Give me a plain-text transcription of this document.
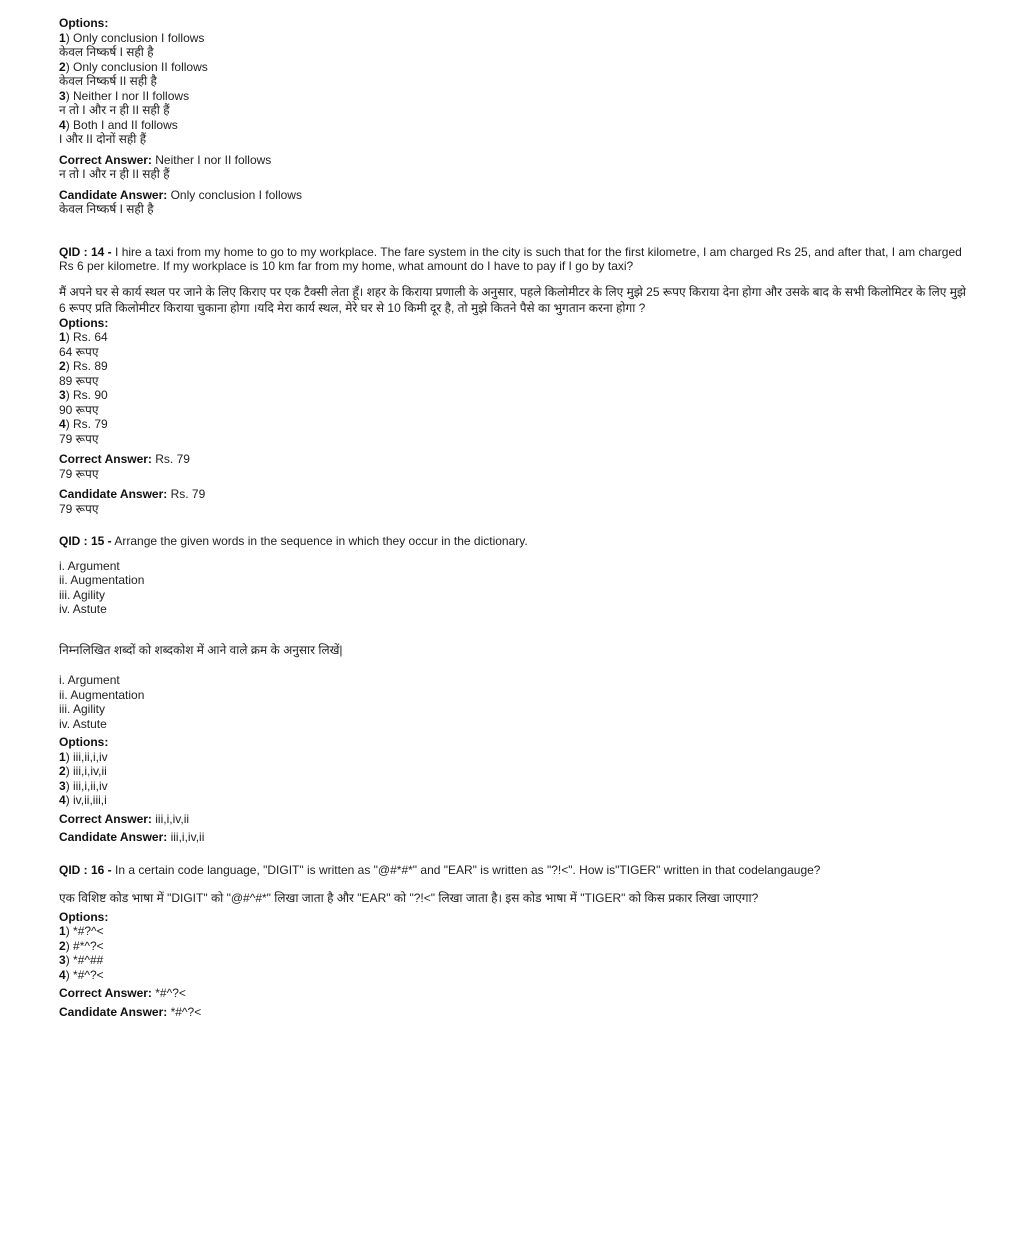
Options:
1) Only conclusion I follows
केवल निष्कर्ष I सही है
2) Only conclusion II follows
केवल निष्कर्ष II सही है
3) Neither I nor II follows
न तो I और न ही II सही हैं
4) Both I and II follows
I और II दोनों सही हैं
Correct Answer: Neither I nor II follows
न तो I और न ही II सही हैं
Candidate Answer: Only conclusion I follows
केवल निष्कर्ष I सही है
QID : 14 - I hire a taxi from my home to go to my workplace. The fare system in the city is such that for the first kilometre, I am charged Rs 25, and after that, I am charged Rs 6 per kilometre. If my workplace is 10 km far from my home, what amount do I have to pay if I go by taxi?
मैं अपने घर से कार्य स्थल पर जाने के लिए किराए पर एक टैक्सी लेता हूँ। शहर के किराया प्रणाली के अनुसार, पहले किलोमीटर के लिए मुझे 25 रूपए किराया देना होगा और उसके बाद के सभी किलोमिटर के लिए मुझे 6 रूपए प्रति किलोमीटर किराया चुकाना होगा ।यदि मेरा कार्य स्थल, मेरे घर से 10 किमी दूर है, तो मुझे कितने पैसे का भुगतान करना होगा ?
Options:
1) Rs. 64
64 रूपए
2) Rs. 89
89 रूपए
3) Rs. 90
90 रूपए
4) Rs. 79
79 रूपए
Correct Answer: Rs. 79
79 रूपए
Candidate Answer: Rs. 79
79 रूपए
QID : 15 - Arrange the given words in the sequence in which they occur in the dictionary.
i. Argument
ii. Augmentation
iii. Agility
iv. Astute
निम्नलिखित शब्दों को शब्दकोश में आने वाले क्रम के अनुसार लिखें|
i. Argument
ii. Augmentation
iii. Agility
iv. Astute
Options:
1) iii,ii,i,iv
2) iii,i,iv,ii
3) iii,i,ii,iv
4) iv,ii,iii,i
Correct Answer: iii,i,iv,ii
Candidate Answer: iii,i,iv,ii
QID : 16 - In a certain code language, "DIGIT" is written as "@#*#*" and "EAR" is written as "?!<". How is"TIGER" written in that codelangauge?
एक विशिष्ट कोड भाषा में "DIGIT" को "@#^#*" लिखा जाता है और "EAR" को "?!<" लिखा जाता है। इस कोड भाषा में "TIGER" को किस प्रकार लिखा जाएगा?
Options:
1) *#?^<
2) #*^?<
3) *#^##
4) *#^?<
Correct Answer: *#^?<
Candidate Answer: *#^?<
